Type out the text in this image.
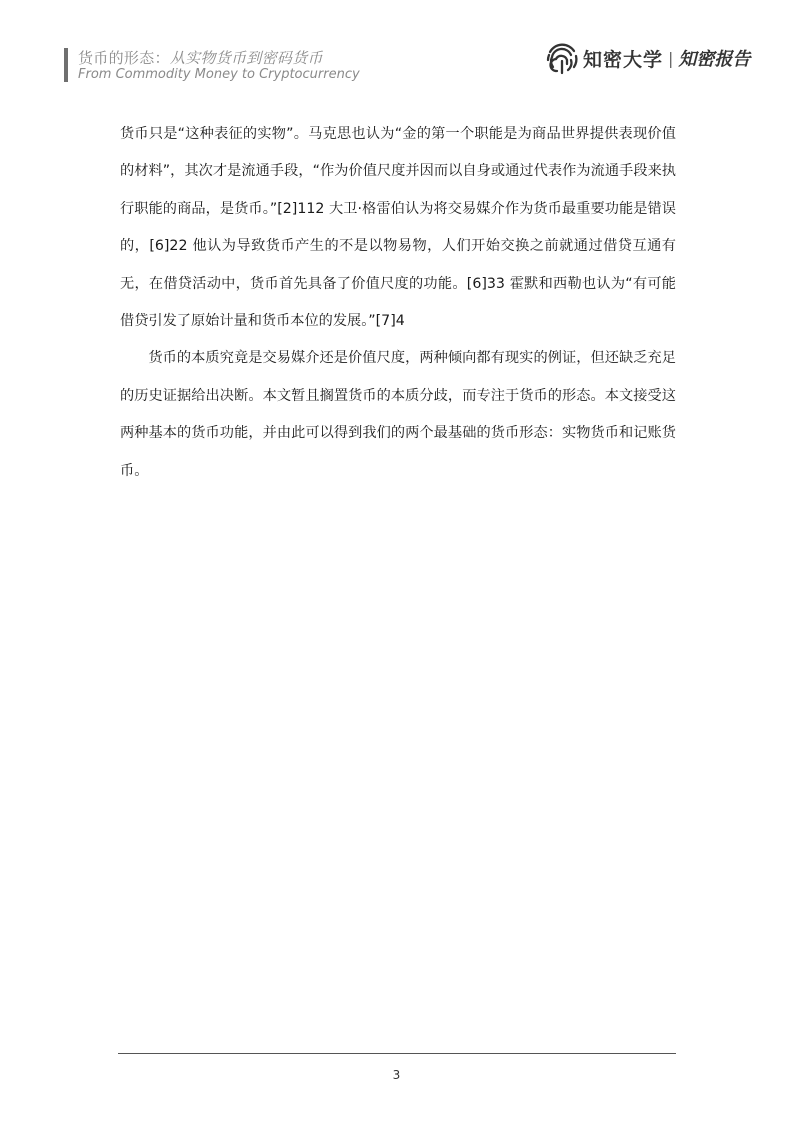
货币的形态：从实物货币到密码货币
From Commodity Money to Cryptocurrency
知密大学 | 知密报告

货币只是“这种表征的实物”。马克思也认为“金的第一个职能是为商品世界提供表现价值的材料”，其次才是流通手段，“作为价值尺度并因而以自身或通过代表作为流通手段来执行职能的商品，是货币。”[2]112 大卫·格雷伯认为将交易媒介作为货币最重要功能是错误的，[6]22 他认为导致货币产生的不是以物易物，人们开始交换之前就通过借贷互通有无，在借贷活动中，货币首先具备了价值尺度的功能。[6]33 霍默和西勒也认为“有可能借贷引发了原始计量和货币本位的发展。”[7]4

货币的本质究竟是交易媒介还是价值尺度，两种倾向都有现实的例证，但还缺乏充足的历史证据给出决断。本文暂且搁置货币的本质分歧，而专注于货币的形态。本文接受这两种基本的货币功能，并由此可以得到我们的两个最基础的货币形态：实物货币和记账货币。

3
